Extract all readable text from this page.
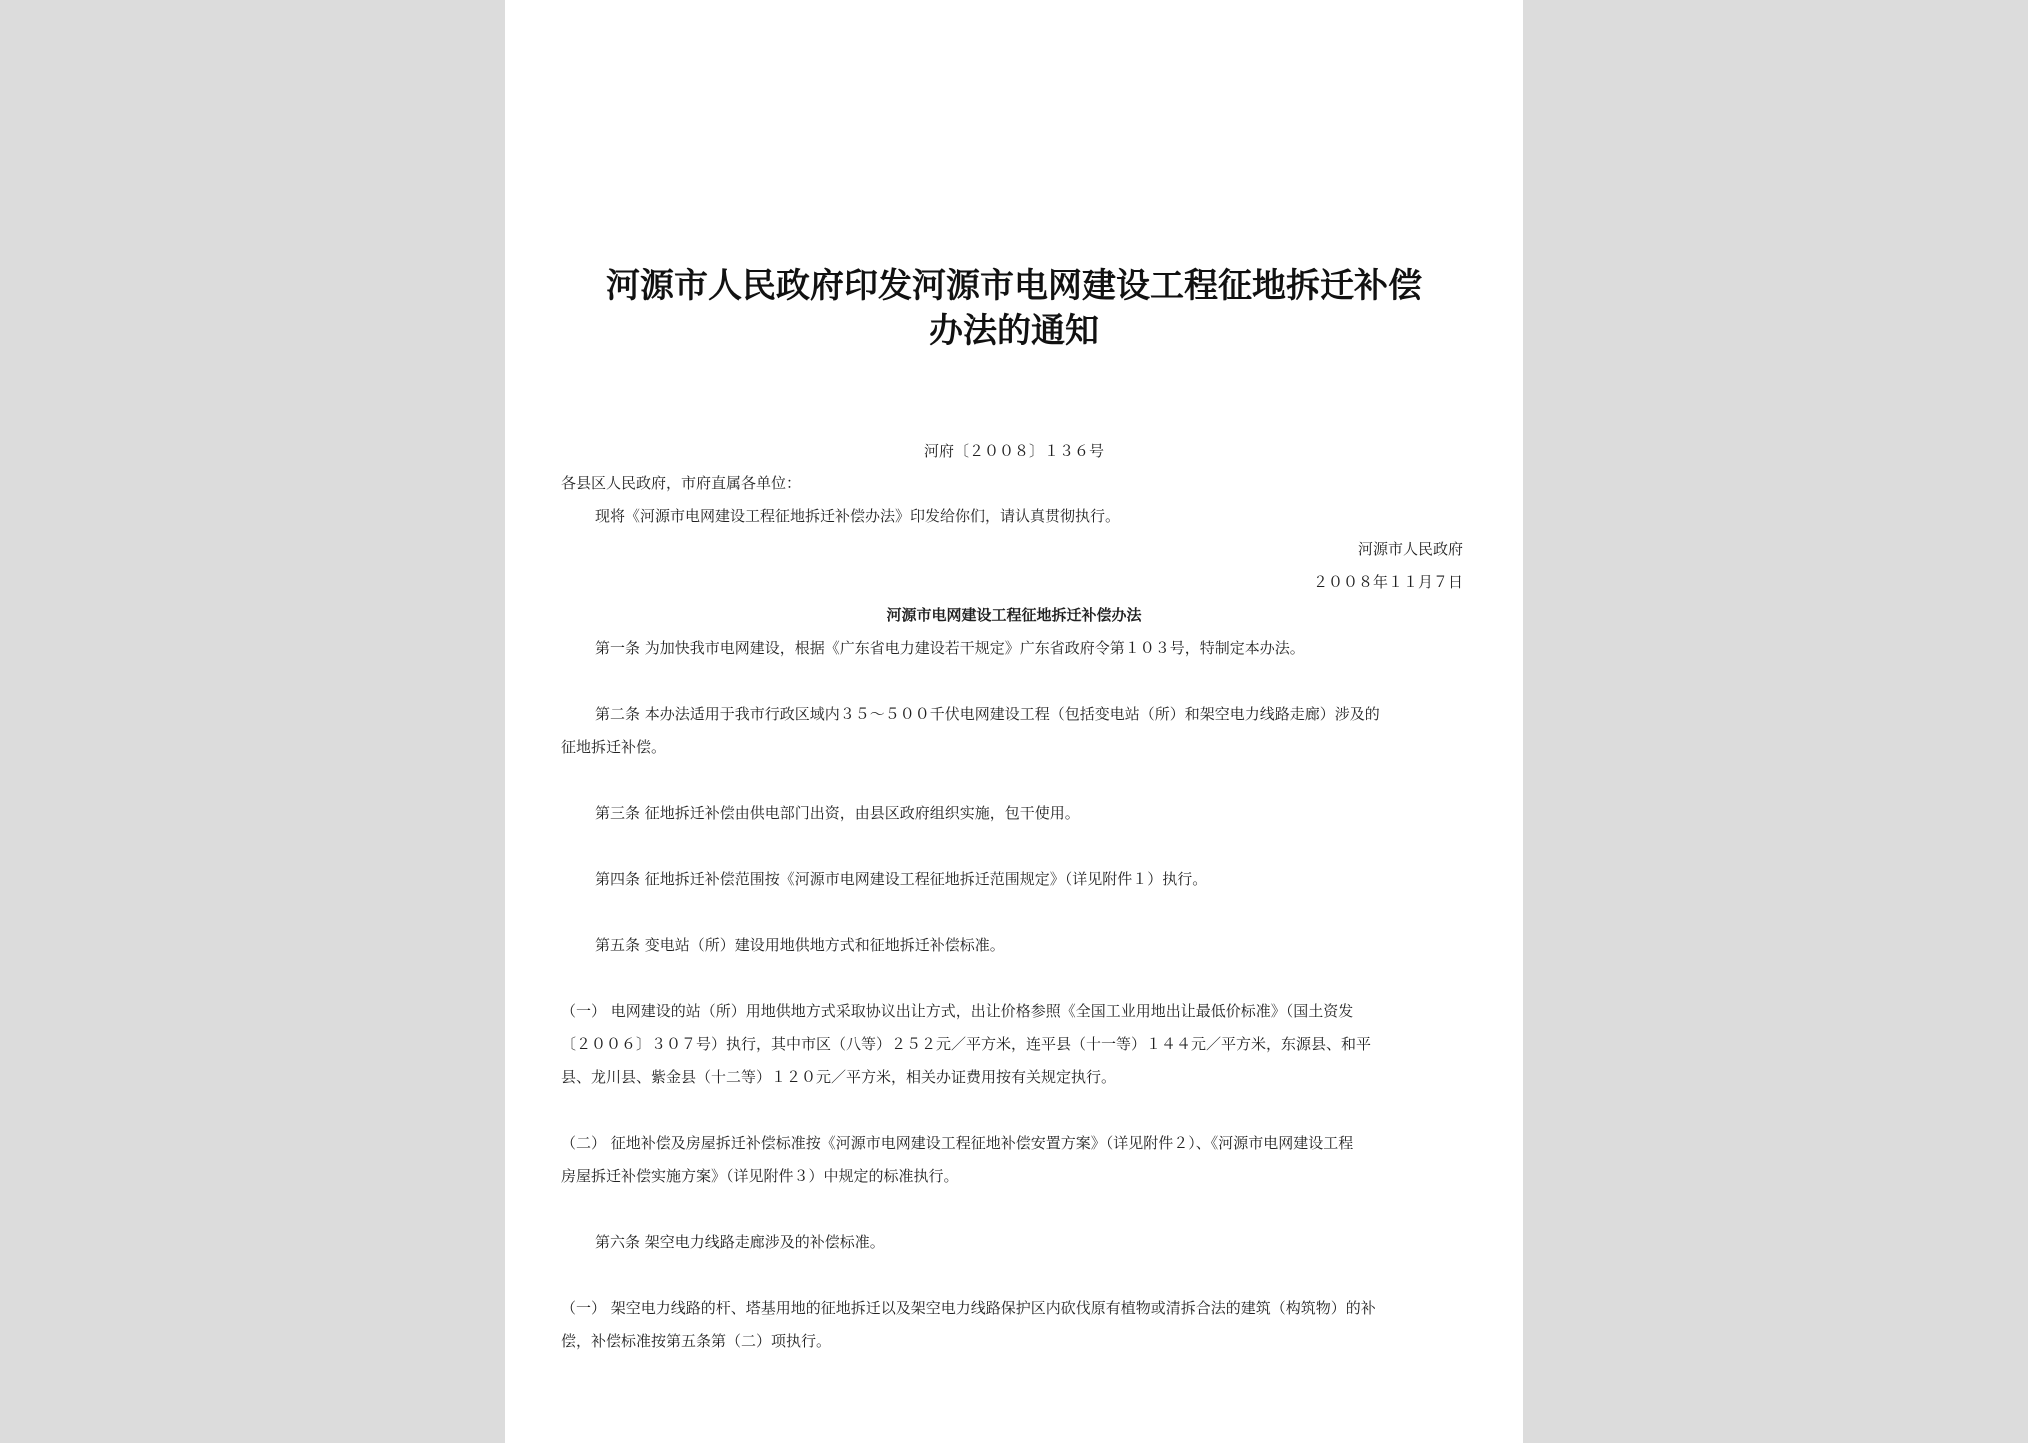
河源市人民政府印发河源市电网建设工程征地拆迁补偿
办法的通知
河府〔２００８〕１３６号
各县区人民政府，市府直属各单位：
现将《河源市电网建设工程征地拆迁补偿办法》印发给你们，请认真贯彻执行。
河源市人民政府
２００８年１１月７日
河源市电网建设工程征地拆迁补偿办法
第一条 为加快我市电网建设，根据《广东省电力建设若干规定》广东省政府令第１０３号，特制定本办法。
第二条 本办法适用于我市行政区域内３５～５００千伏电网建设工程（包括变电站（所）和架空电力线路走廊）涉及的
征地拆迁补偿。
第三条 征地拆迁补偿由供电部门出资，由县区政府组织实施，包干使用。
第四条 征地拆迁补偿范围按《河源市电网建设工程征地拆迁范围规定》（详见附件１）执行。
第五条 变电站（所）建设用地供地方式和征地拆迁补偿标准。
（一） 电网建设的站（所）用地供地方式采取协议出让方式，出让价格参照《全国工业用地出让最低价标准》（国土资发
〔２００６〕３０７号）执行，其中市区（八等）２５２元／平方米，连平县（十一等）１４４元／平方米，东源县、和平
县、龙川县、紫金县（十二等）１２０元／平方米，相关办证费用按有关规定执行。
（二） 征地补偿及房屋拆迁补偿标准按《河源市电网建设工程征地补偿安置方案》（详见附件２）、《河源市电网建设工程
房屋拆迁补偿实施方案》（详见附件３）中规定的标准执行。
第六条 架空电力线路走廊涉及的补偿标准。
（一） 架空电力线路的杆、塔基用地的征地拆迁以及架空电力线路保护区内砍伐原有植物或清拆合法的建筑（构筑物）的补
偿，补偿标准按第五条第（二）项执行。
